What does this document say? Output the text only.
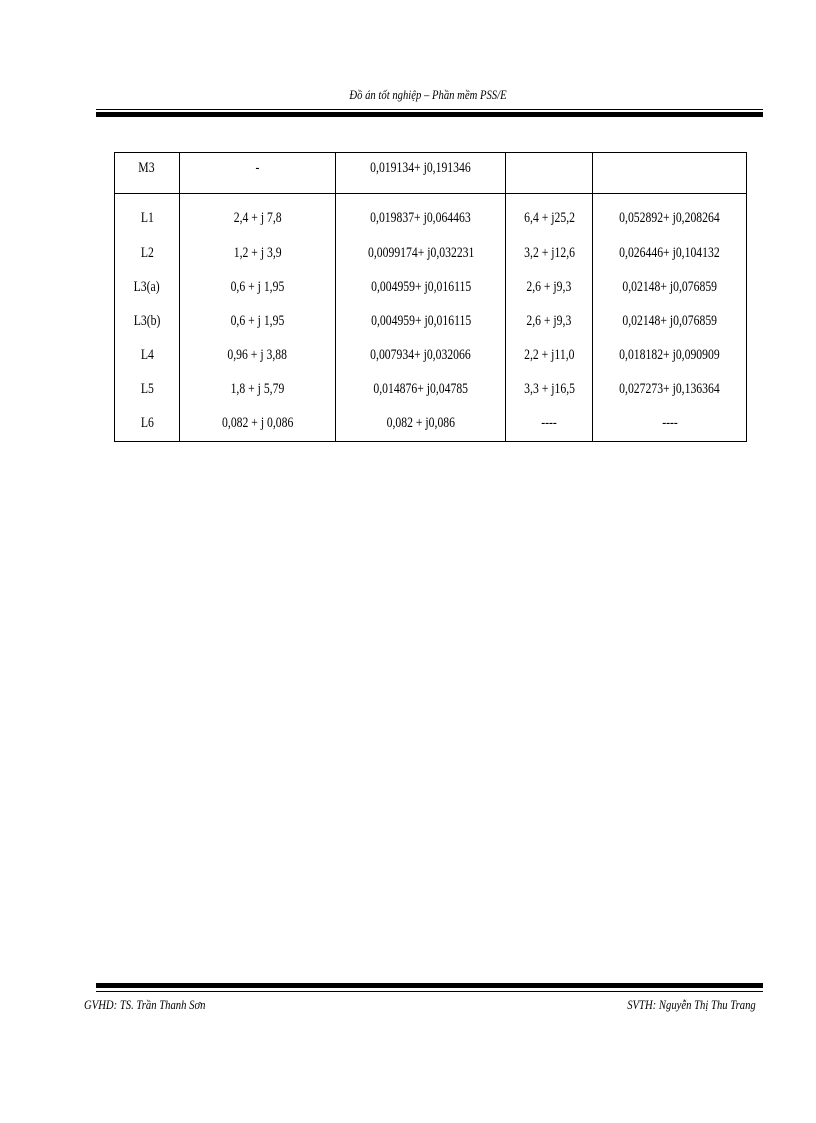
Đồ án tốt nghiệp – Phần mềm PSS/E
M3	-	0,019134+ j0,191346		
L1	2,4 + j 7,8	0,019837+ j0,064463	6,4 + j25,2	0,052892+ j0,208264
L2	1,2 + j 3,9	0,0099174+ j0,032231	3,2 + j12,6	0,026446+ j0,104132
L3(a)	0,6 + j 1,95	0,004959+ j0,016115	2,6 + j9,3	0,02148+ j0,076859
L3(b)	0,6 + j 1,95	0,004959+ j0,016115	2,6 + j9,3	0,02148+ j0,076859
L4	0,96 + j 3,88	0,007934+ j0,032066	2,2 + j11,0	0,018182+ j0,090909
L5	1,8 + j 5,79	0,014876+ j0,04785	3,3 + j16,5	0,027273+ j0,136364
L6	0,082 + j 0,086	0,082 + j0,086	----	----
GVHD: TS. Trần Thanh Sơn	SVTH: Nguyễn Thị Thu Trang
